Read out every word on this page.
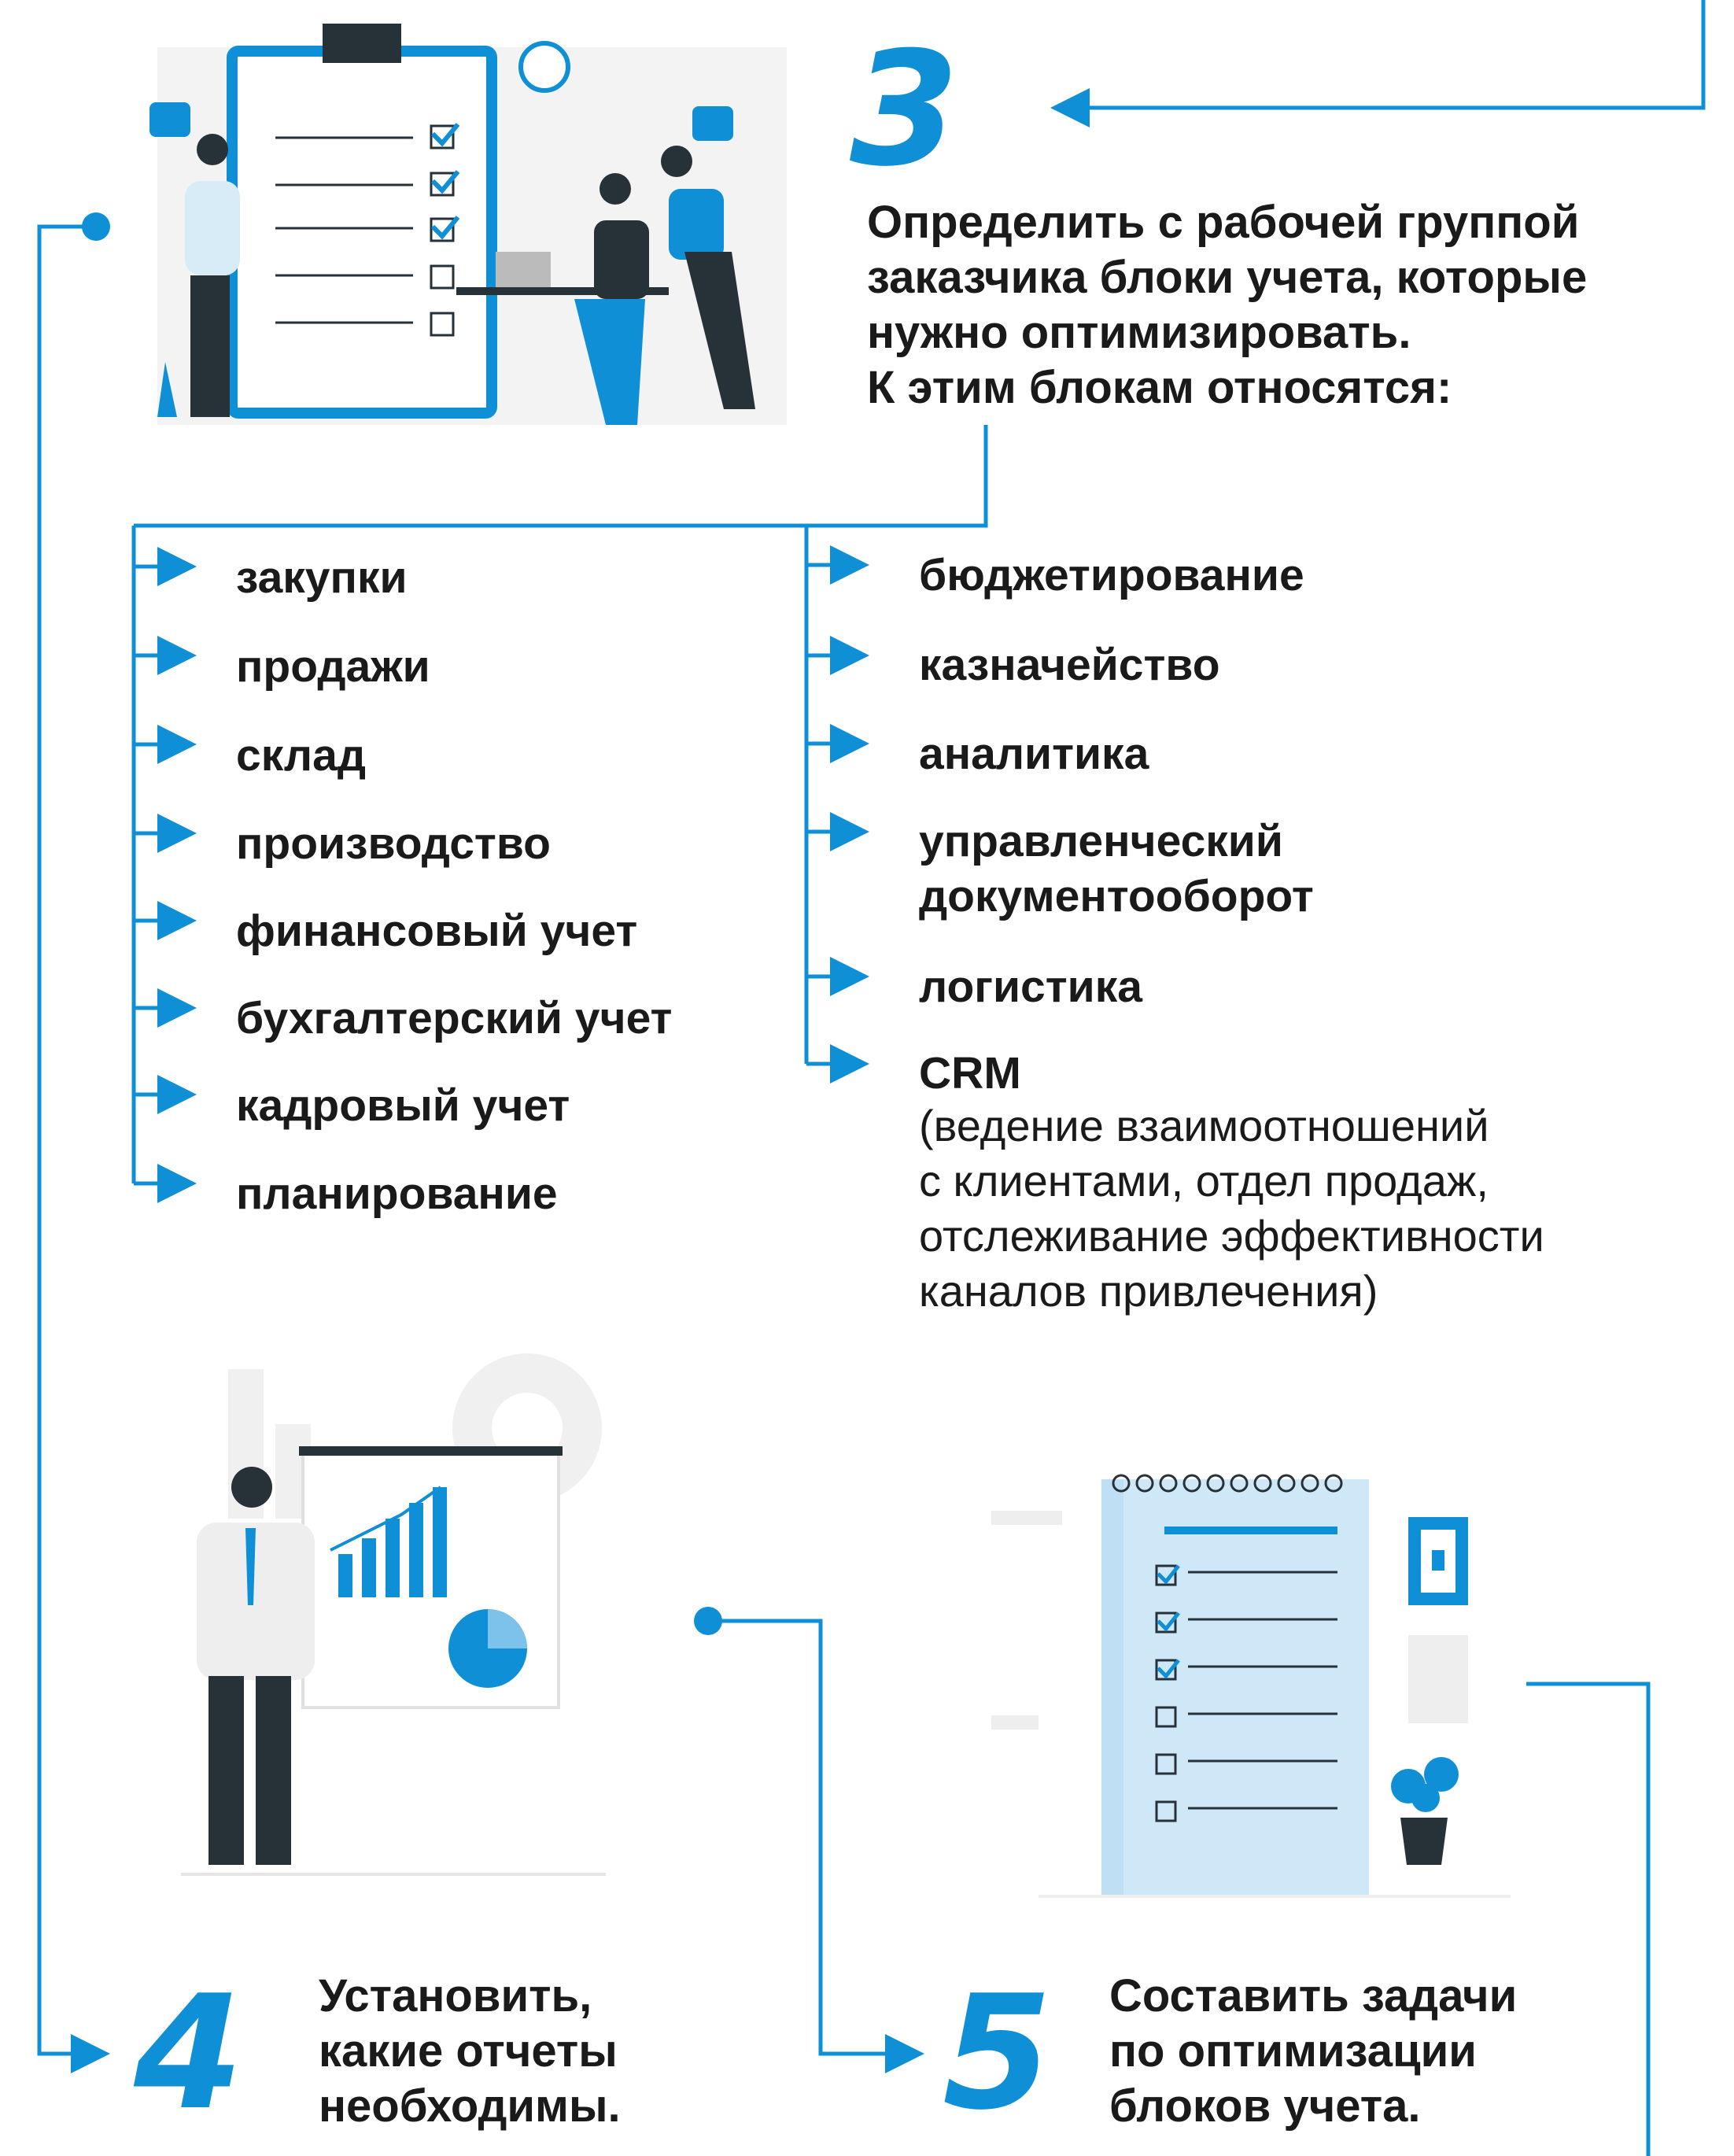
3
Определить с рабочей группой
заказчика блоки учета, которые
нужно оптимизировать.
К этим блокам относятся:
закупки
продажи
склад
производство
финансовый учет
бухгалтерский учет
кадровый учет
планирование
бюджетирование
казначейство
аналитика
управленческий
документооборот
логистика
CRM
(ведение взаимоотношений
с клиентами, отдел продаж,
отслеживание эффективности
каналов привлечения)
4 Установить,
какие отчеты
необходимы. 5 Составить задачи
по оптимизации
блоков учета.
